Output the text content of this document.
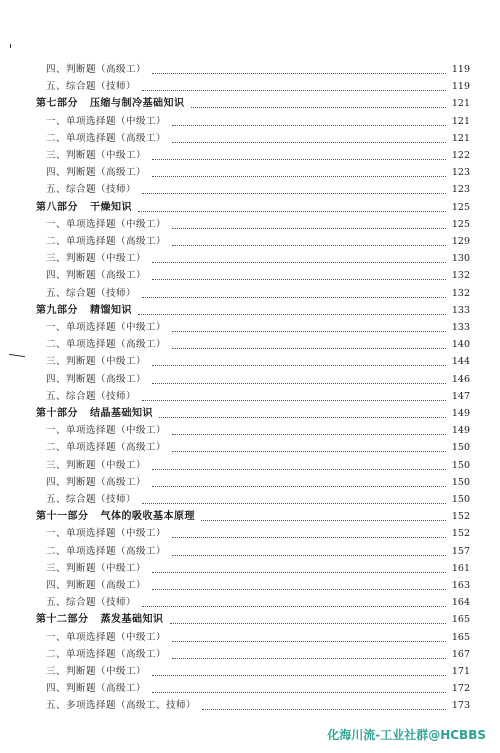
四、判断题（高级工）	119
五、综合题（技师）	119
第七部分 压缩与制冷基础知识	121
一、单项选择题（中级工）	121
二、单项选择题（高级工）	121
三、判断题（中级工）	122
四、判断题（高级工）	123
五、综合题（技师）	123
第八部分 干燥知识	125
一、单项选择题（中级工）	125
二、单项选择题（高级工）	129
三、判断题（中级工）	130
四、判断题（高级工）	132
五、综合题（技师）	132
第九部分 精馏知识	133
一、单项选择题（中级工）	133
二、单项选择题（高级工）	140
三、判断题（中级工）	144
四、判断题（高级工）	146
五、综合题（技师）	147
第十部分 结晶基础知识	149
一、单项选择题（中级工）	149
二、单项选择题（高级工）	150
三、判断题（中级工）	150
四、判断题（高级工）	150
五、综合题（技师）	150
第十一部分 气体的吸收基本原理	152
一、单项选择题（中级工）	152
二、单项选择题（高级工）	157
三、判断题（中级工）	161
四、判断题（高级工）	163
五、综合题（技师）	164
第十二部分 蒸发基础知识	165
一、单项选择题（中级工）	165
二、单项选择题（高级工）	167
三、判断题（中级工）	171
四、判断题（高级工）	172
五、多项选择题（高级工、技师）	173
化海川流-工业社群@HCBBS
